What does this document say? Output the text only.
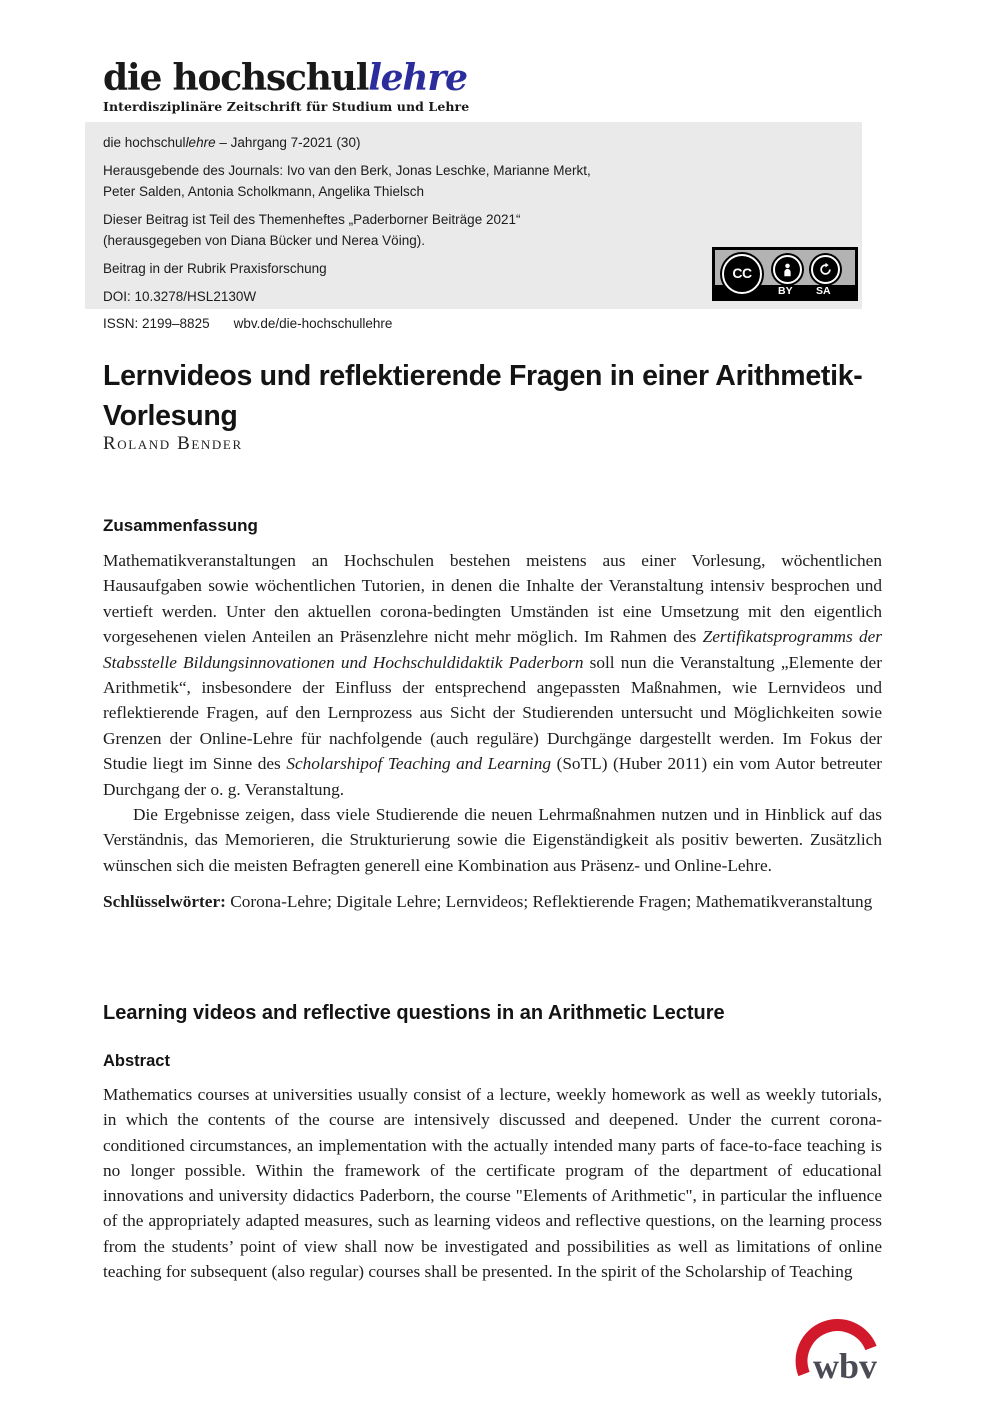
die hochschullehre
Interdisziplinäre Zeitschrift für Studium und Lehre

die hochschullehre – Jahrgang 7-2021 (30)

Herausgebende des Journals: Ivo van den Berk, Jonas Leschke, Marianne Merkt,
Peter Salden, Antonia Scholkmann, Angelika Thielsch

Dieser Beitrag ist Teil des Themenheftes „Paderborner Beiträge 2021“
(herausgegeben von Diana Bücker und Nerea Vöing).

Beitrag in der Rubrik Praxisforschung

DOI: 10.3278/HSL2130W

ISSN: 2199–8825 wbv.de/die-hochschullehre

CC
BY SA
Lernvideos und reflektierende Fragen in einer Arithmetik-
Vorlesung
Roland Bender
Zusammenfassung

Mathematikveranstaltungen an Hochschulen bestehen meistens aus einer Vorlesung, wöchentlichen Hausaufgaben sowie wöchentlichen Tutorien, in denen die Inhalte der Veranstaltung intensiv besprochen und vertieft werden. Unter den aktuellen corona-bedingten Umständen ist eine Umsetzung mit den eigentlich vorgesehenen vielen Anteilen an Präsenzlehre nicht mehr möglich. Im Rahmen des Zertifikatsprogramms der Stabsstelle Bildungsinnovationen und Hochschuldidaktik Paderborn soll nun die Veranstaltung „Elemente der Arithmetik“, insbesondere der Einfluss der entsprechend angepassten Maßnahmen, wie Lernvideos und reflektierende Fragen, auf den Lernprozess aus Sicht der Studierenden untersucht und Möglichkeiten sowie Grenzen der Online-Lehre für nachfolgende (auch reguläre) Durchgänge dargestellt werden. Im Fokus der Studie liegt im Sinne des Scholarshipof Teaching and Learning (SoTL) (Huber 2011) ein vom Autor betreuter Durchgang der o. g. Veranstaltung.

Die Ergebnisse zeigen, dass viele Studierende die neuen Lehrmaßnahmen nutzen und in Hinblick auf das Verständnis, das Memorieren, die Strukturierung sowie die Eigenständigkeit als positiv bewerten. Zusätzlich wünschen sich die meisten Befragten generell eine Kombination aus Präsenz- und Online-Lehre.

Schlüsselwörter: Corona-Lehre; Digitale Lehre; Lernvideos; Reflektierende Fragen; Mathematikveranstaltung

Learning videos and reflective questions in an Arithmetic Lecture
Abstract

Mathematics courses at universities usually consist of a lecture, weekly homework as well as weekly tutorials, in which the contents of the course are intensively discussed and deepened. Under the current corona-conditioned circumstances, an implementation with the actually intended many parts of face-to-face teaching is no longer possible. Within the framework of the certificate program of the department of educational innovations and university didactics Paderborn, the course "Elements of Arithmetic", in particular the influence of the appropriately adapted measures, such as learning videos and reflective questions, on the learning process from the students’ point of view shall now be investigated and possibilities as well as limitations of online teaching for subsequent (also regular) courses shall be presented. In the spirit of the Scholarship of Teaching

wbv
